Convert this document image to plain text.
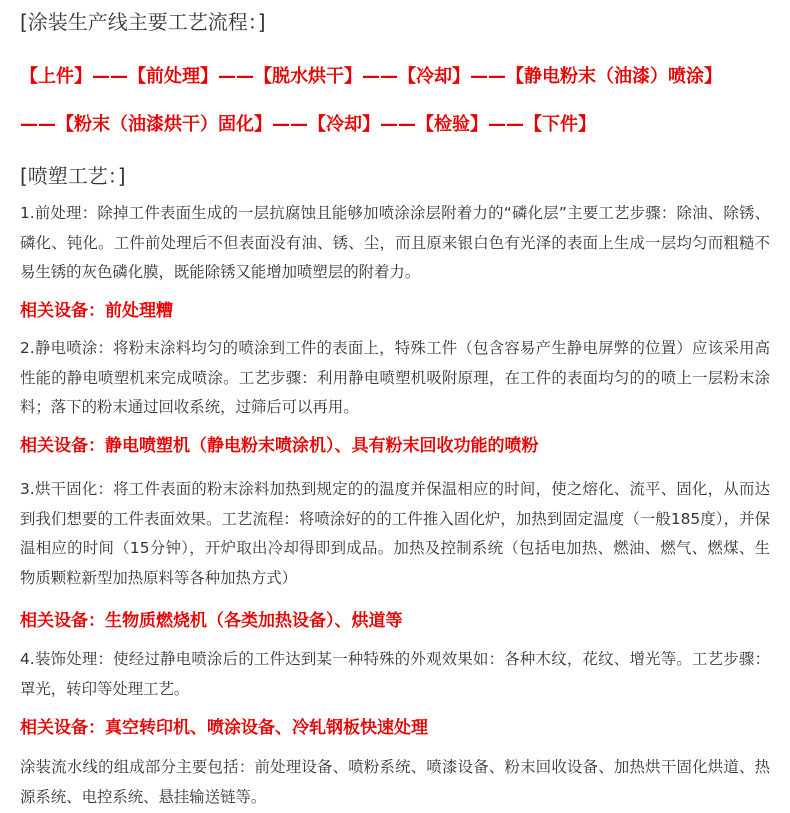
[涂装生产线主要工艺流程：]
【上件】——【前处理】——【脱水烘干】——【冷却】——【静电粉末（油漆）喷涂】
——【粉末（油漆烘干）固化】——【冷却】——【检验】——【下件】
[喷塑工艺：]
1.前处理：除掉工件表面生成的一层抗腐蚀且能够加喷涂涂层附着力的“磷化层”主要工艺步骤：除油、除锈、磷化、钝化。工件前处理后不但表面没有油、锈、尘，而且原来银白色有光泽的表面上生成一层均匀而粗糙不易生锈的灰色磷化膜，既能除锈又能增加喷塑层的附着力。
相关设备：前处理糟
2.静电喷涂：将粉末涂料均匀的喷涂到工件的表面上，特殊工件（包含容易产生静电屏弊的位置）应该采用高性能的静电喷塑机来完成喷涂。工艺步骤：利用静电喷塑机吸附原理，在工件的表面均匀的的喷上一层粉末涂料；落下的粉末通过回收系统，过筛后可以再用。
相关设备：静电喷塑机（静电粉末喷涂机）、具有粉末回收功能的喷粉
3.烘干固化：将工件表面的粉末涂料加热到规定的的温度并保温相应的时间，使之熔化、流平、固化，从而达到我们想要的工件表面效果。工艺流程：将喷涂好的的工件推入固化炉，加热到固定温度（一般185度），并保温相应的时间（15分钟），开炉取出冷却得即到成品。加热及控制系统（包括电加热、燃油、燃气、燃煤、生物质颗粒新型加热原料等各种加热方式）
相关设备：生物质燃烧机（各类加热设备）、烘道等
4.装饰处理：使经过静电喷涂后的工件达到某一种特殊的外观效果如：各种木纹，花纹、增光等。工艺步骤：罩光，转印等处理工艺。
相关设备：真空转印机、喷涂设备、冷轧钢板快速处理
涂装流水线的组成部分主要包括：前处理设备、喷粉系统、喷漆设备、粉末回收设备、加热烘干固化烘道、热源系统、电控系统、悬挂输送链等。
